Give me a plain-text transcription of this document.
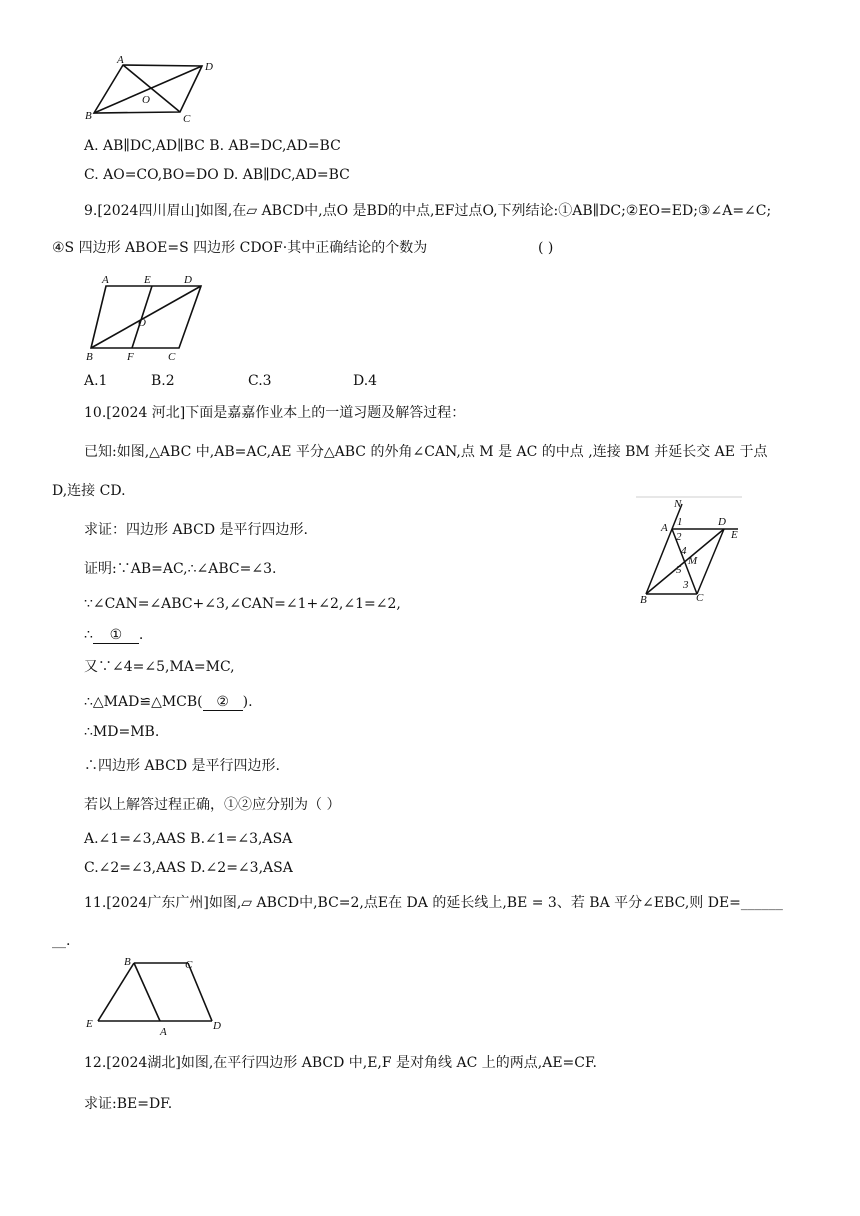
A
D
B	C
O
A. AB∥DC,AD∥BC B. AB=DC,AD=BC
C. AO=CO,BO=DO D. AB∥DC,AD=BC
9.[2024四川眉山]如图,在▱ ABCD中,点O 是BD的中点,EF过点O,下列结论:①AB∥DC;②EO=ED;③∠A=∠C;
④S 四边形 ABOE=S 四边形 CDOF·其中正确结论的个数为	( )
A	E	D
O
B	F	C
A.1	B.2	C.3	D.4
10.[2024 河北]下面是嘉嘉作业本上的一道习题及解答过程：
已知:如图,△ABC 中,AB=AC,AE 平分△ABC 的外角∠CAN,点 M 是 AC 的中点 ,连接 BM 并延长交 AE 于点
D,连接 CD.
求证：四边形 ABCD 是平行四边形.
证明:∵AB=AC,∴∠ABC=∠3.
∵∠CAN=∠ABC+∠3,∠CAN=∠1+∠2,∠1=∠2,
∴ ① .
又∵∠4=∠5,MA=MC,
∴△MAD≌△MCB( ② ).
∴MD=MB.
∴四边形 ABCD 是平行四边形.
若以上解答过程正确，①②应分别为（ ）
A.∠1=∠3,AAS B.∠1=∠3,ASA
C.∠2=∠3,AAS D.∠2=∠3,ASA
N
A 1
2
D
E
4
M
5
3
B	C
11.[2024广东广州]如图,▱ ABCD中,BC=2,点E在 DA 的延长线上,BE = 3、若 BA 平分∠EBC,则 DE=______
__.
B	C
E
A	D
12.[2024湖北]如图,在平行四边形 ABCD 中,E,F 是对角线 AC 上的两点,AE=CF.
求证:BE=DF.
